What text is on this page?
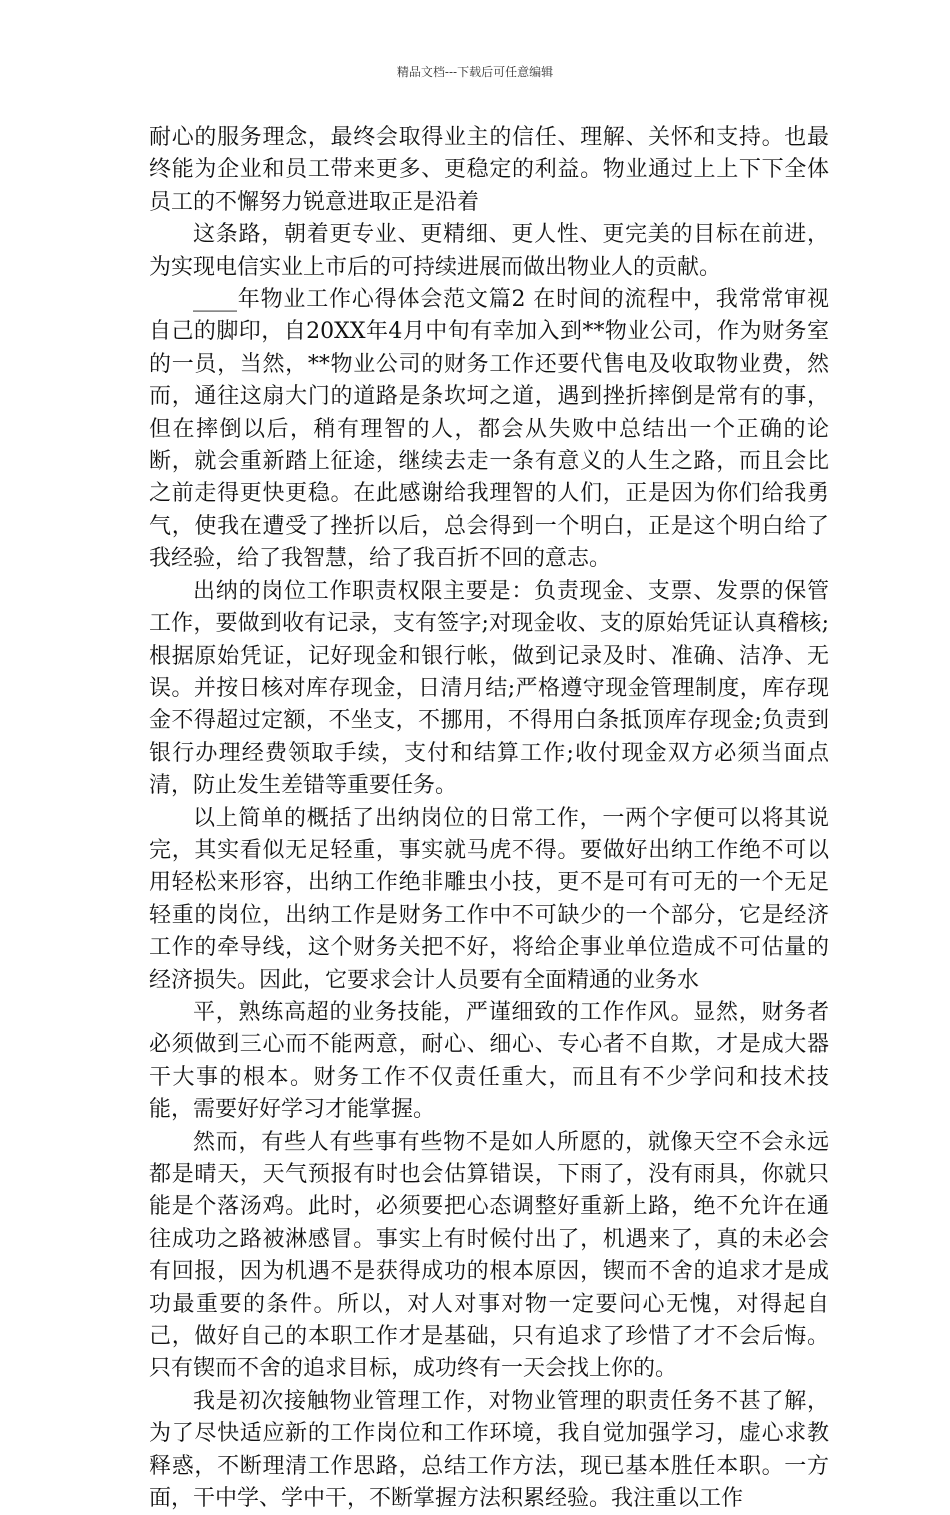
精品文档---下载后可任意编辑

耐心的服务理念，最终会取得业主的信任、理解、关怀和支持。也最终能为企业和员工带来更多、更稳定的利益。物业通过上上下下全体员工的不懈努力锐意进取正是沿着

这条路，朝着更专业、更精细、更人性、更完美的目标在前进，为实现电信实业上市后的可持续进展而做出物业人的贡献。

____年物业工作心得体会范文篇2 在时间的流程中，我常常审视自己的脚印，自20XX年4月中旬有幸加入到**物业公司，作为财务室的一员，当然，**物业公司的财务工作还要代售电及收取物业费，然而，通往这扇大门的道路是条坎坷之道，遇到挫折摔倒是常有的事，但在摔倒以后，稍有理智的人，都会从失败中总结出一个正确的论断，就会重新踏上征途，继续去走一条有意义的人生之路，而且会比之前走得更快更稳。在此感谢给我理智的人们，正是因为你们给我勇气，使我在遭受了挫折以后，总会得到一个明白，正是这个明白给了我经验，给了我智慧，给了我百折不回的意志。

出纳的岗位工作职责权限主要是：负责现金、支票、发票的保管工作，要做到收有记录，支有签字;对现金收、支的原始凭证认真稽核;根据原始凭证，记好现金和银行帐，做到记录及时、准确、洁净、无误。并按日核对库存现金，日清月结;严格遵守现金管理制度，库存现金不得超过定额，不坐支，不挪用，不得用白条抵顶库存现金;负责到银行办理经费领取手续，支付和结算工作;收付现金双方必须当面点清，防止发生差错等重要任务。

以上简单的概括了出纳岗位的日常工作，一两个字便可以将其说完，其实看似无足轻重，事实就马虎不得。要做好出纳工作绝不可以用轻松来形容，出纳工作绝非雕虫小技，更不是可有可无的一个无足轻重的岗位，出纳工作是财务工作中不可缺少的一个部分，它是经济工作的牵导线，这个财务关把不好，将给企事业单位造成不可估量的经济损失。因此，它要求会计人员要有全面精通的业务水

平，熟练高超的业务技能，严谨细致的工作作风。显然，财务者必须做到三心而不能两意，耐心、细心、专心者不自欺，才是成大器干大事的根本。财务工作不仅责任重大，而且有不少学问和技术技能，需要好好学习才能掌握。

然而，有些人有些事有些物不是如人所愿的，就像天空不会永远都是晴天，天气预报有时也会估算错误，下雨了，没有雨具，你就只能是个落汤鸡。此时，必须要把心态调整好重新上路，绝不允许在通往成功之路被淋感冒。事实上有时候付出了，机遇来了，真的未必会有回报，因为机遇不是获得成功的根本原因，锲而不舍的追求才是成功最重要的条件。所以，对人对事对物一定要问心无愧，对得起自己，做好自己的本职工作才是基础，只有追求了珍惜了才不会后悔。只有锲而不舍的追求目标，成功终有一天会找上你的。

我是初次接触物业管理工作，对物业管理的职责任务不甚了解，为了尽快适应新的工作岗位和工作环境，我自觉加强学习，虚心求教释惑，不断理清工作思路，总结工作方法，现已基本胜任本职。一方面，干中学、学中干，不断掌握方法积累经验。我注重以工作
